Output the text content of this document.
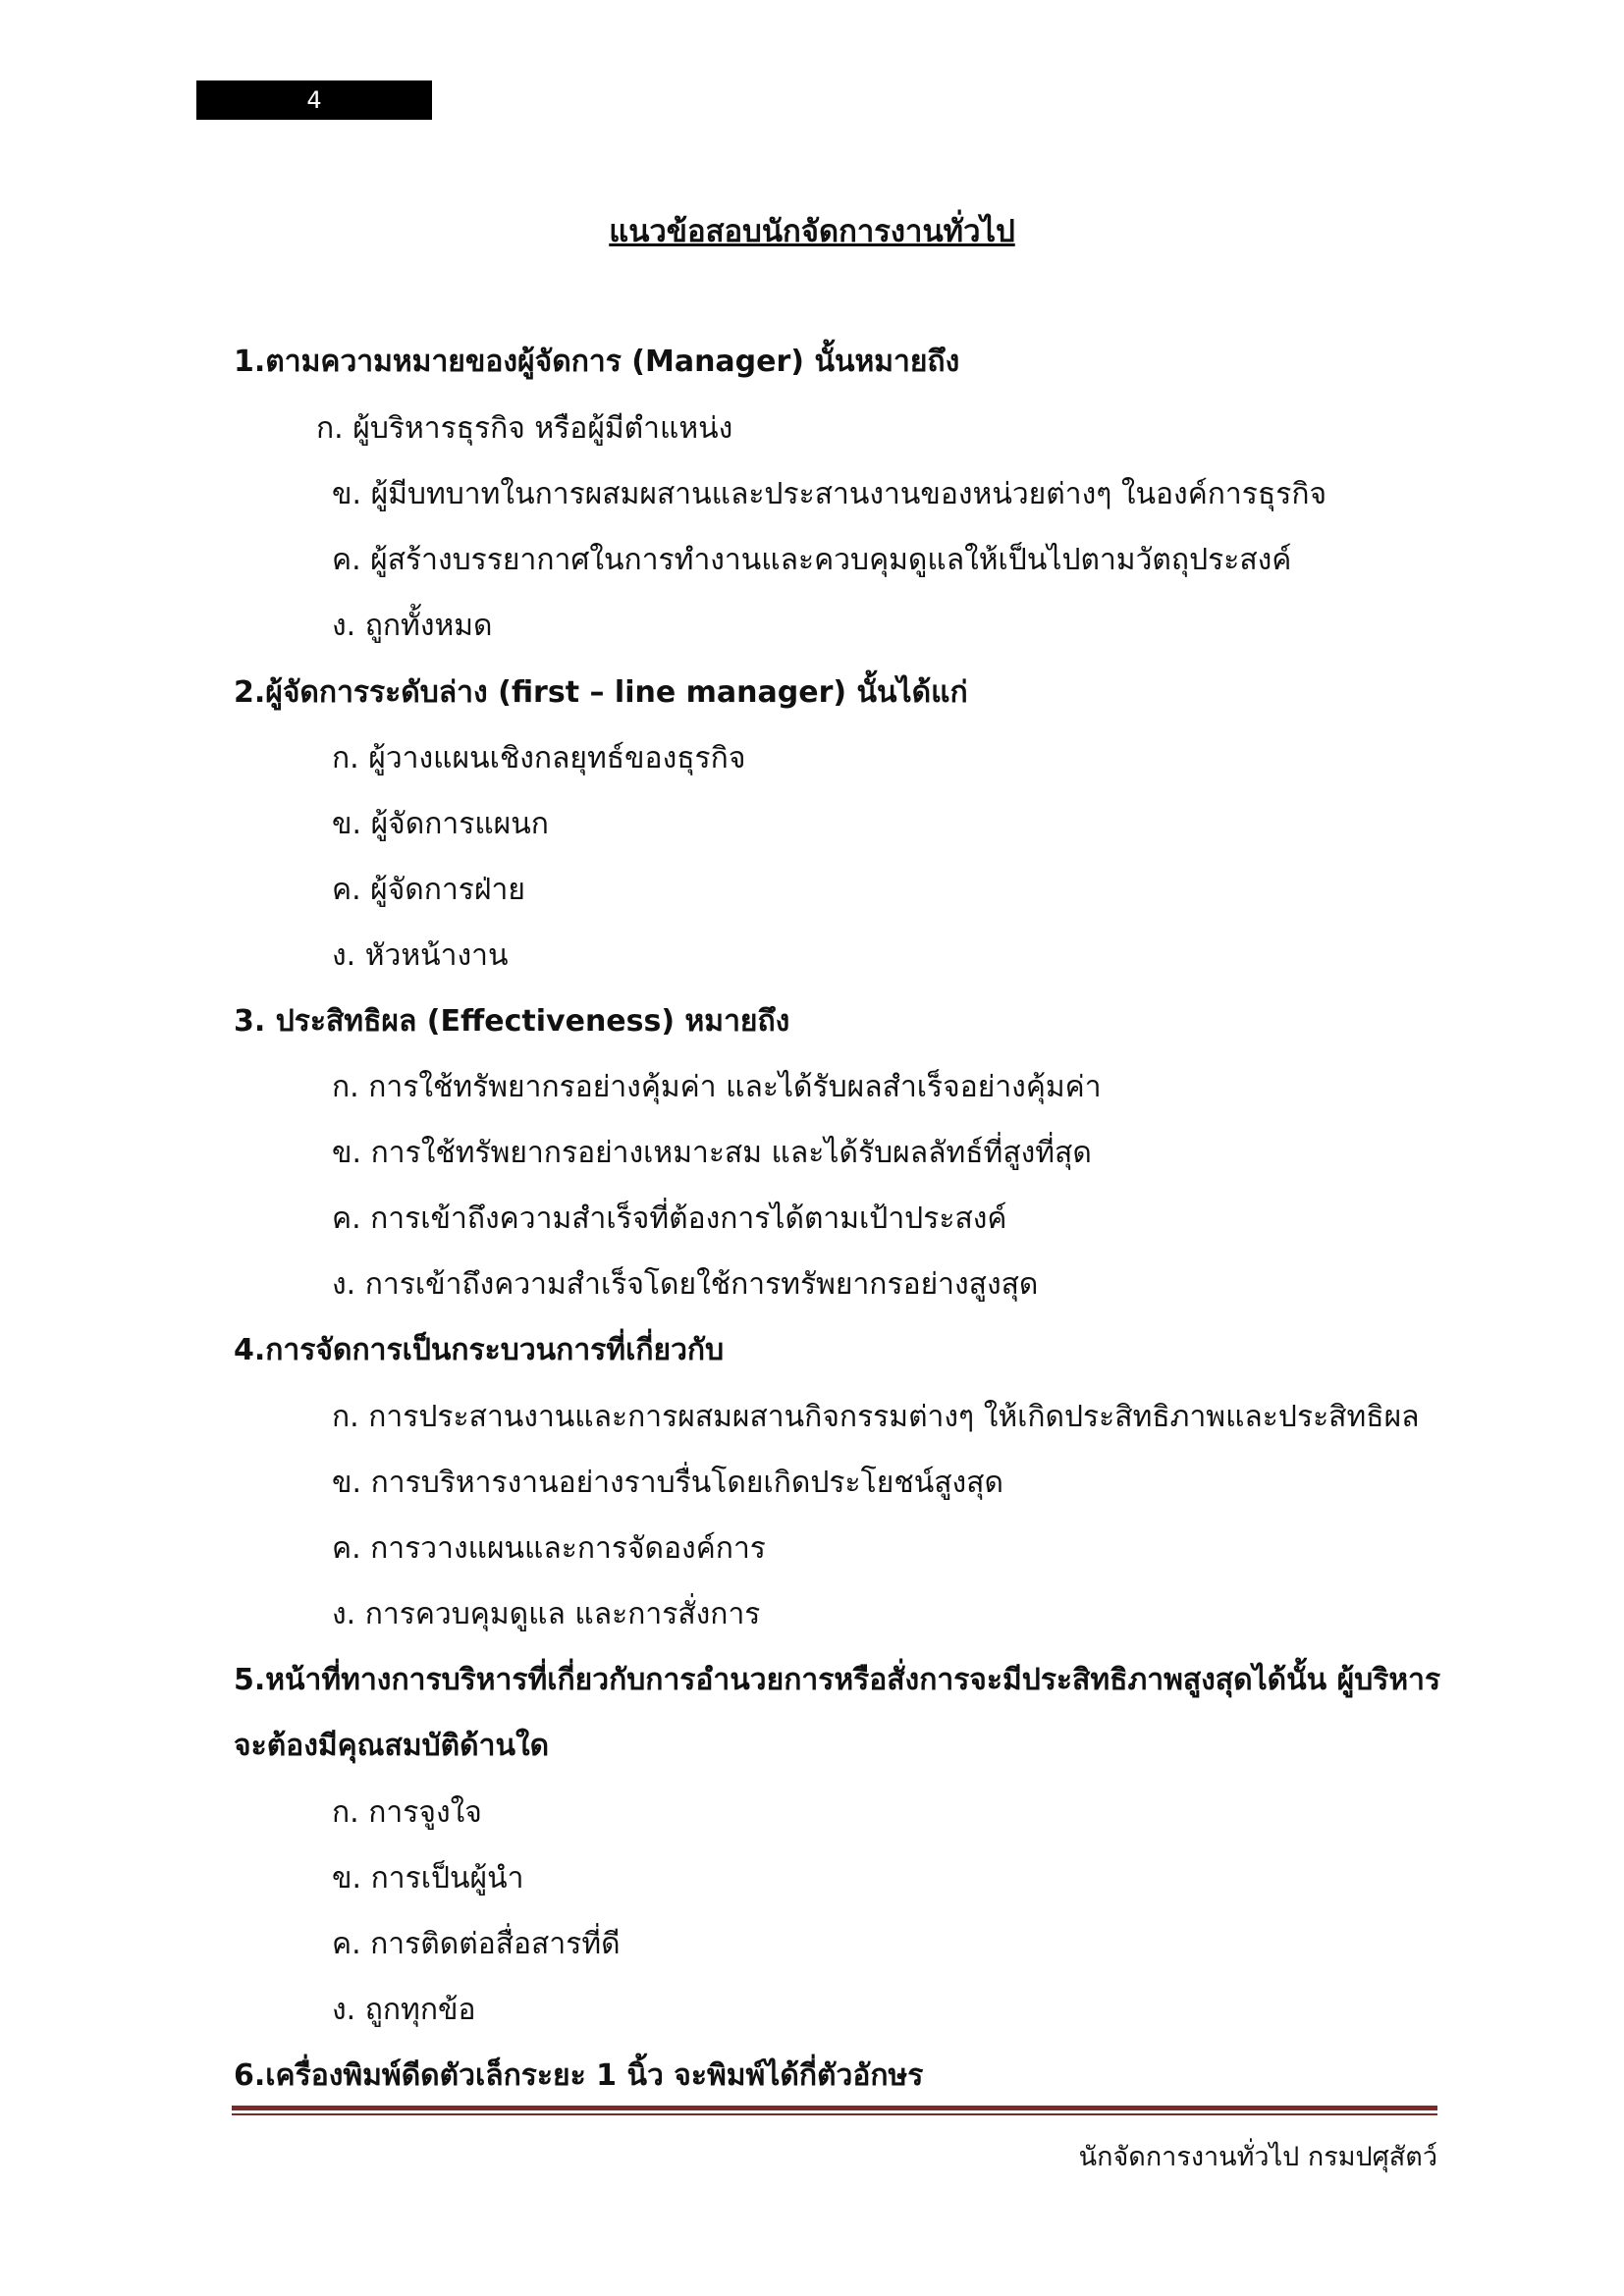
4
แนวข้อสอบนักจัดการงานทั่วไป
1.ตามความหมายของผู้จัดการ (Manager) นั้นหมายถึง
ก. ผู้บริหารธุรกิจ หรือผู้มีตำแหน่ง
ข. ผู้มีบทบาทในการผสมผสานและประสานงานของหน่วยต่างๆ ในองค์การธุรกิจ
ค. ผู้สร้างบรรยากาศในการทำงานและควบคุมดูแลให้เป็นไปตามวัตถุประสงค์
ง. ถูกทั้งหมด
2.ผู้จัดการระดับล่าง (first – line manager) นั้นได้แก่
ก. ผู้วางแผนเชิงกลยุทธ์ของธุรกิจ
ข. ผู้จัดการแผนก
ค. ผู้จัดการฝ่าย
ง. หัวหน้างาน
3. ประสิทธิผล (Effectiveness) หมายถึง
ก. การใช้ทรัพยากรอย่างคุ้มค่า และได้รับผลสำเร็จอย่างคุ้มค่า
ข. การใช้ทรัพยากรอย่างเหมาะสม และได้รับผลลัทธ์ที่สูงที่สุด
ค. การเข้าถึงความสำเร็จที่ต้องการได้ตามเป้าประสงค์
ง. การเข้าถึงความสำเร็จโดยใช้การทรัพยากรอย่างสูงสุด
4.การจัดการเป็นกระบวนการที่เกี่ยวกับ
ก. การประสานงานและการผสมผสานกิจกรรมต่างๆ ให้เกิดประสิทธิภาพและประสิทธิผล
ข. การบริหารงานอย่างราบรื่นโดยเกิดประโยชน์สูงสุด
ค. การวางแผนและการจัดองค์การ
ง. การควบคุมดูแล และการสั่งการ
5.หน้าที่ทางการบริหารที่เกี่ยวกับการอำนวยการหรือสั่งการจะมีประสิทธิภาพสูงสุดได้นั้น ผู้บริหาร
จะต้องมีคุณสมบัติด้านใด
ก. การจูงใจ
ข. การเป็นผู้นำ
ค. การติดต่อสื่อสารที่ดี
ง. ถูกทุกข้อ
6.เครื่องพิมพ์ดีดตัวเล็กระยะ 1 นิ้ว จะพิมพ์ได้กี่ตัวอักษร
นักจัดการงานทั่วไป กรมปศุสัตว์
